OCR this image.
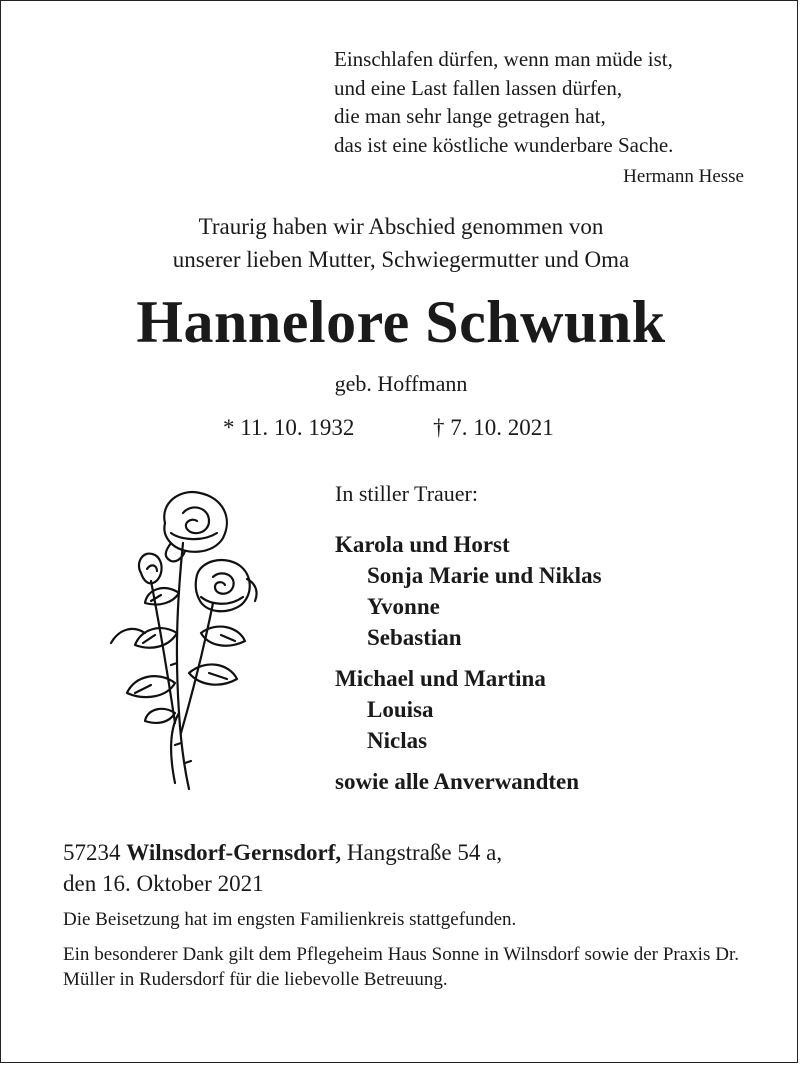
Einschlafen dürfen, wenn man müde ist,
und eine Last fallen lassen dürfen,
die man sehr lange getragen hat,
das ist eine köstliche wunderbare Sache.
Hermann Hesse
Traurig haben wir Abschied genommen von
unserer lieben Mutter, Schwiegermutter und Oma
Hannelore Schwunk
geb. Hoffmann
* 11. 10. 1932	† 7. 10. 2021
In stiller Trauer:
Karola und Horst
Sonja Marie und Niklas
Yvonne
Sebastian
Michael und Martina
Louisa
Niclas
sowie alle Anverwandten
57234 Wilnsdorf-Gernsdorf, Hangstraße 54 a,
den 16. Oktober 2021
Die Beisetzung hat im engsten Familienkreis stattgefunden.
Ein besonderer Dank gilt dem Pflegeheim Haus Sonne in Wilnsdorf sowie der Praxis Dr. Müller in Rudersdorf für die liebevolle Betreuung.
